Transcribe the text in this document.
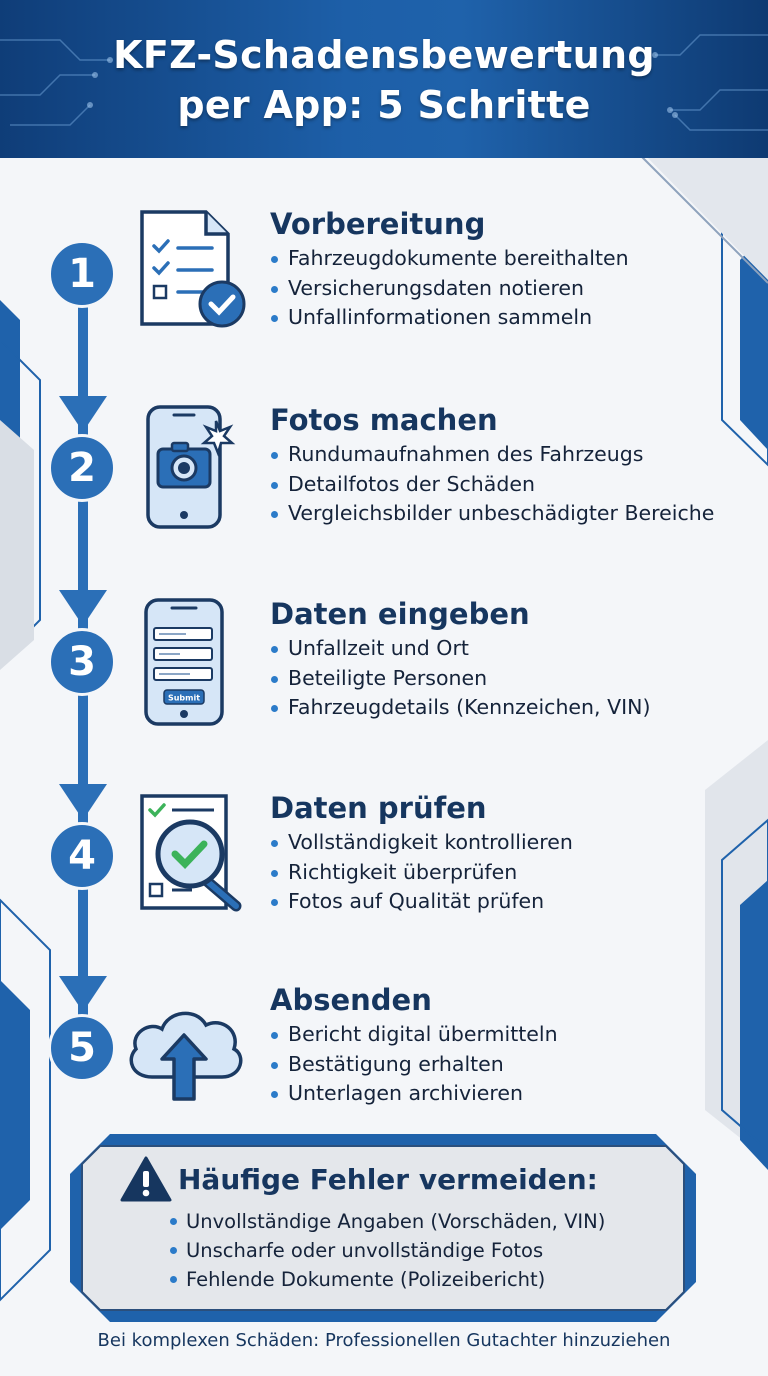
KFZ-Schadensbewertung
per App: 5 Schritte
1
Vorbereitung
Fahrzeugdokumente bereithalten
Versicherungsdaten notieren
Unfallinformationen sammeln
2
Fotos machen
Rundumaufnahmen des Fahrzeugs
Detailfotos der Schäden
Vergleichsbilder unbeschädigter Bereiche
3
Submit
Daten eingeben
Unfallzeit und Ort
Beteiligte Personen
Fahrzeugdetails (Kennzeichen, VIN)
4
Daten prüfen
Vollständigkeit kontrollieren
Richtigkeit überprüfen
Fotos auf Qualität prüfen
5
Absenden
Bericht digital übermitteln
Bestätigung erhalten
Unterlagen archivieren
Häufige Fehler vermeiden:
Unvollständige Angaben (Vorschäden, VIN)
Unscharfe oder unvollständige Fotos
Fehlende Dokumente (Polizeibericht)
Bei komplexen Schäden: Professionellen Gutachter hinzuziehen
